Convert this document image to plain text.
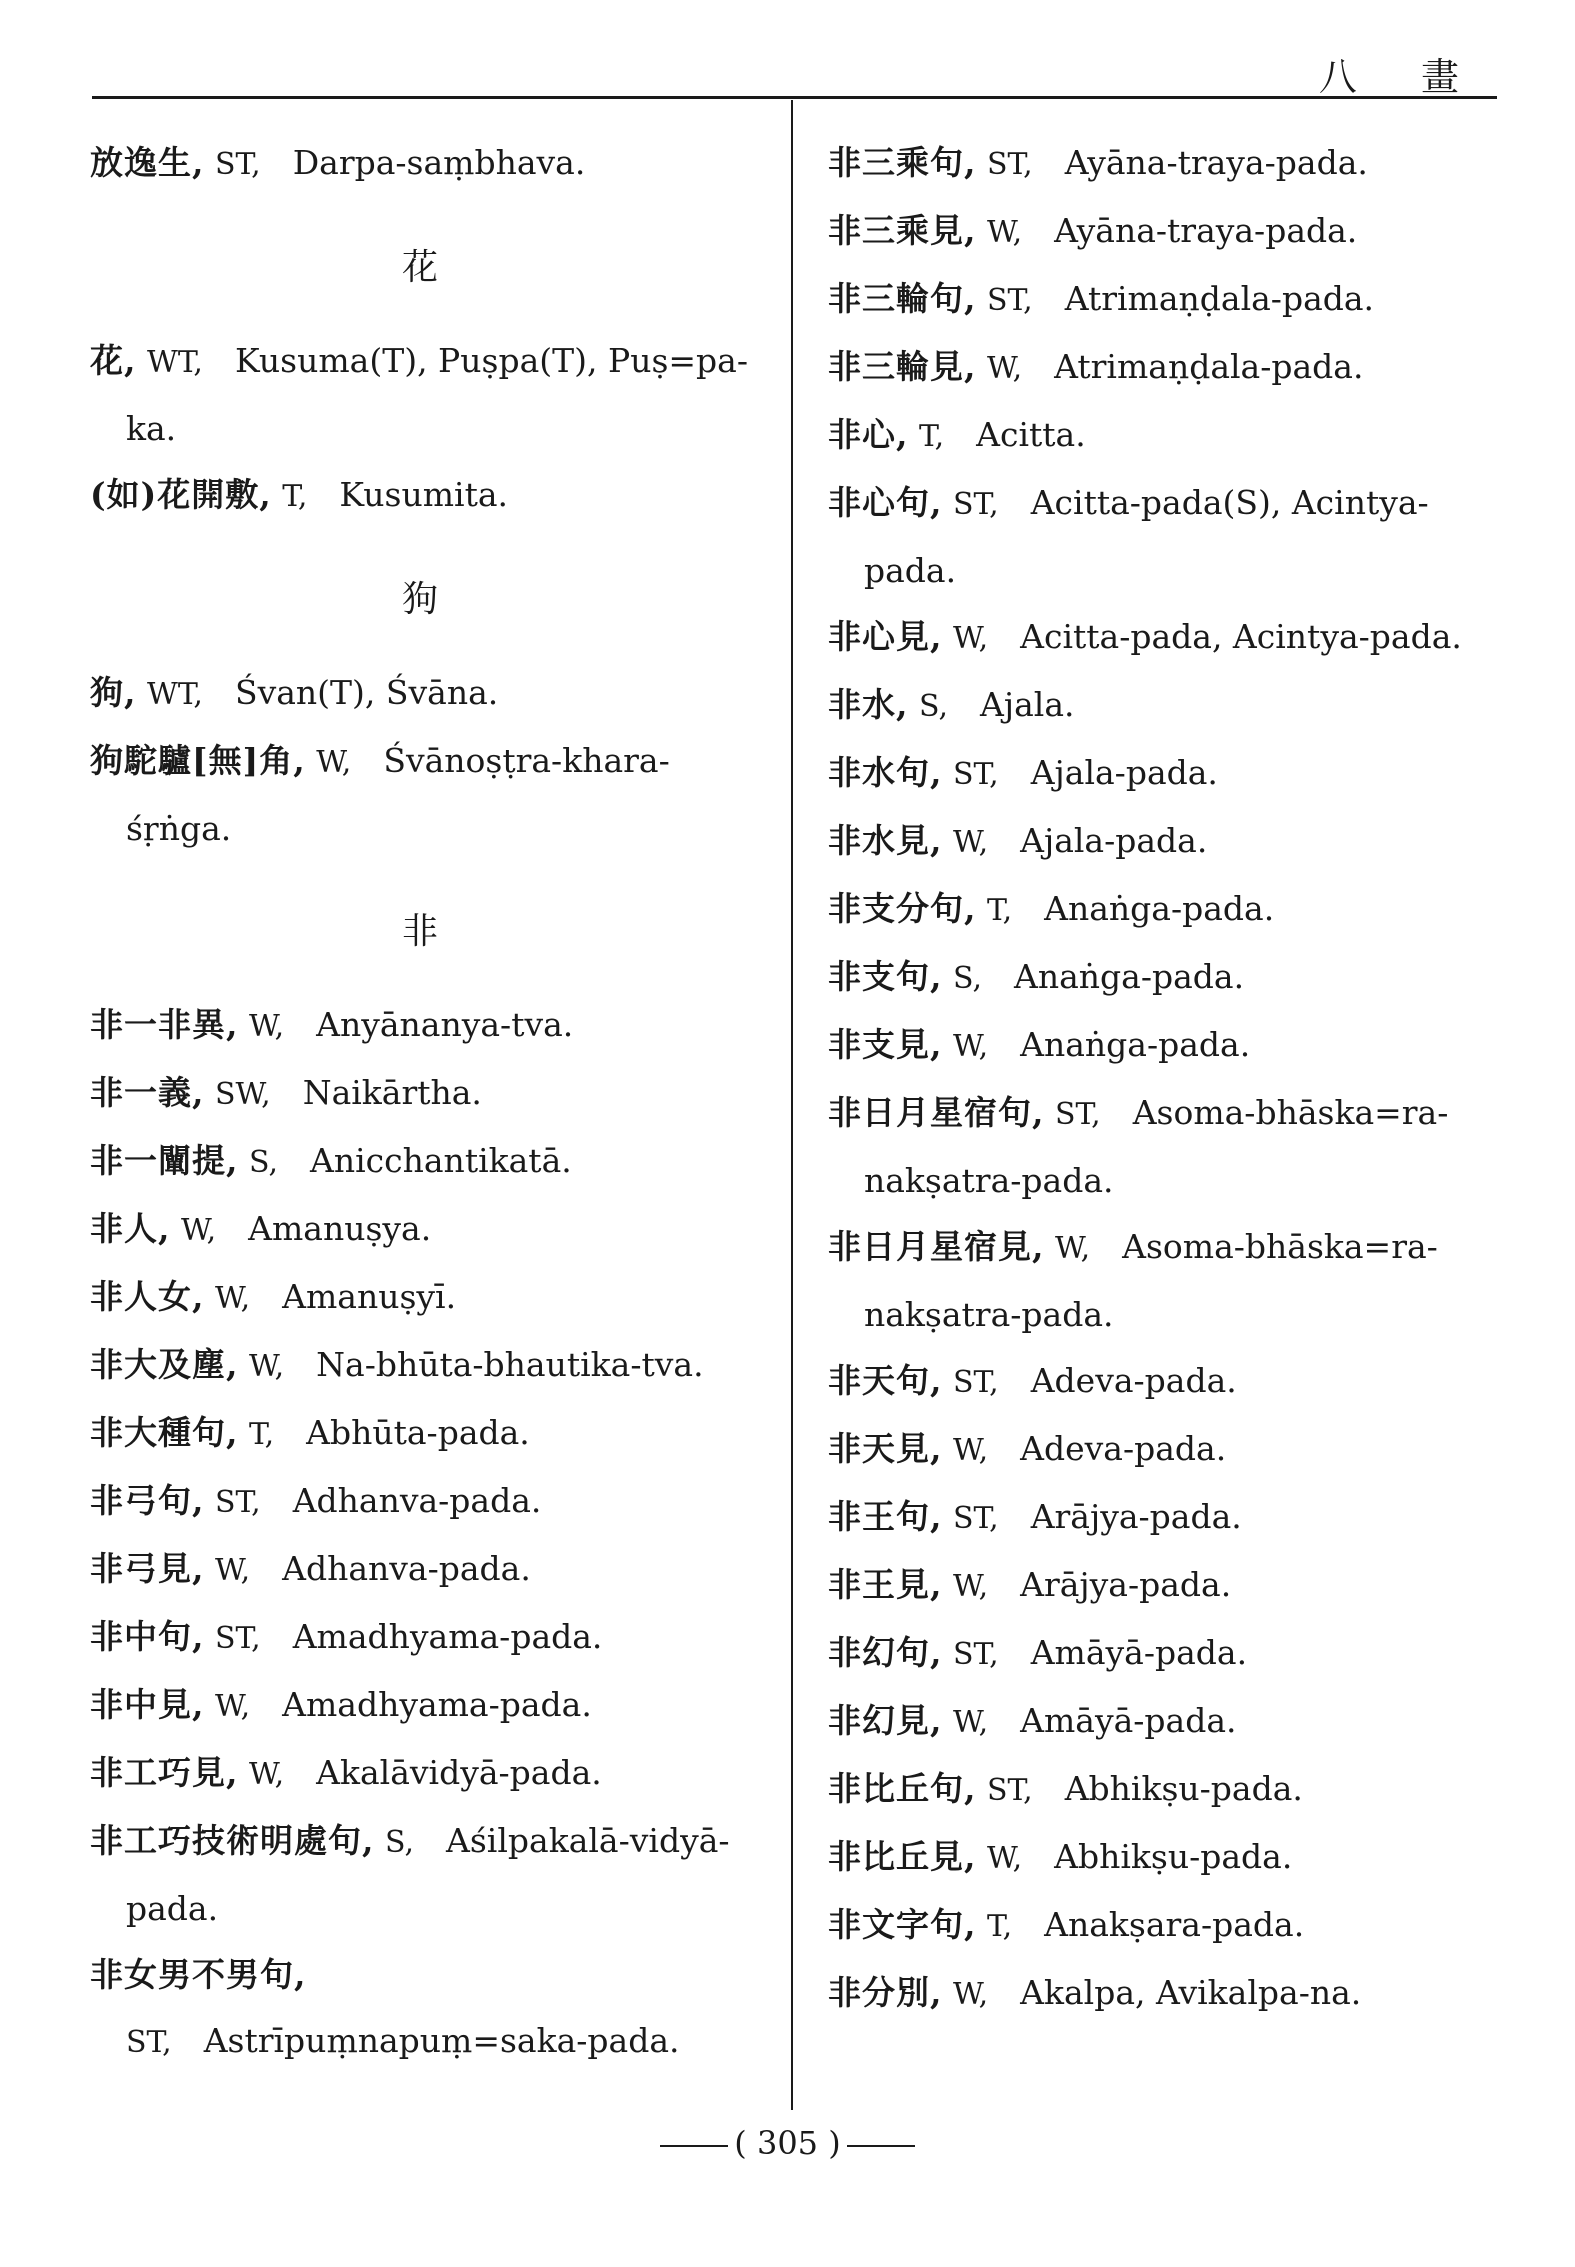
八 畫
放逸生, ST, Darpa-saṃbhava.
花
花, WT, Kusuma(T), Puṣpa(T), Puṣ=pa-ka.
(如)花開敷, T, Kusumita.
狗
狗, WT, Śvan(T), Śvāna.
狗駝驢[無]角, W, Śvānoṣṭra-khara-śṛṅga.
非
非一非異, W, Anyānanya-tva.
非一義, SW, Naikārtha.
非一闡提, S, Anicchantikatā.
非人, W, Amanuṣya.
非人女, W, Amanuṣyī.
非大及塵, W, Na-bhūta-bhautika-tva.
非大種句, T, Abhūta-pada.
非弓句, ST, Adhanva-pada.
非弓見, W, Adhanva-pada.
非中句, ST, Amadhyama-pada.
非中見, W, Amadhyama-pada.
非工巧見, W, Akalāvidyā-pada.
非工巧技術明處句, S, Aśilpakalā-vidyā-pada.
非女男不男句, ST, Astrīpuṃnapuṃ=saka-pada.
非三乘句, ST, Ayāna-traya-pada.
非三乘見, W, Ayāna-traya-pada.
非三輪句, ST, Atrimaṇḍala-pada.
非三輪見, W, Atrimaṇḍala-pada.
非心, T, Acitta.
非心句, ST, Acitta-pada(S), Acintya-pada.
非心見, W, Acitta-pada, Acintya-pada.
非水, S, Ajala.
非水句, ST, Ajala-pada.
非水見, W, Ajala-pada.
非支分句, T, Anaṅga-pada.
非支句, S, Anaṅga-pada.
非支見, W, Anaṅga-pada.
非日月星宿句, ST, Asoma-bhāska=ra-nakṣatra-pada.
非日月星宿見, W, Asoma-bhāska=ra-nakṣatra-pada.
非天句, ST, Adeva-pada.
非天見, W, Adeva-pada.
非王句, ST, Arājya-pada.
非王見, W, Arājya-pada.
非幻句, ST, Amāyā-pada.
非幻見, W, Amāyā-pada.
非比丘句, ST, Abhikṣu-pada.
非比丘見, W, Abhikṣu-pada.
非文字句, T, Anakṣara-pada.
非分別, W, Akalpa, Avikalpa-na.
( 305 )
